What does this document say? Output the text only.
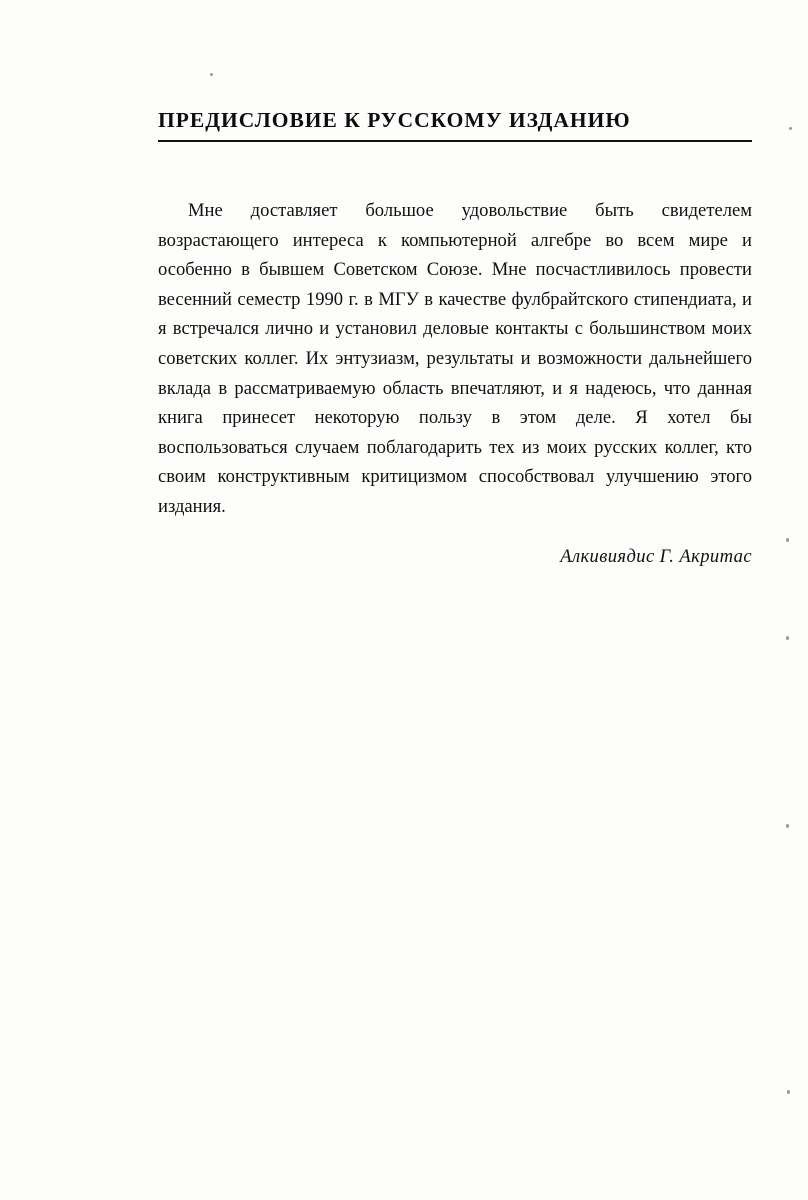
ПРЕДИСЛОВИЕ К РУССКОМУ ИЗДАНИЮ

Мне доставляет большое удовольствие быть свидетелем возрастающего интереса к компьютерной алгебре во всем мире и особенно в бывшем Советском Союзе. Мне посчастливилось провести весенний семестр 1990 г. в МГУ в качестве фулбрайтского стипендиата, и я встречался лично и установил деловые контакты с большинством моих советских коллег. Их энтузиазм, результаты и возможности дальнейшего вклада в рассматриваемую область впечатляют, и я надеюсь, что данная книга принесет некоторую пользу в этом деле. Я хотел бы воспользоваться случаем поблагодарить тех из моих русских коллег, кто своим конструктивным критицизмом способствовал улучшению этого издания.

Алкивиядис Г. Акритас
